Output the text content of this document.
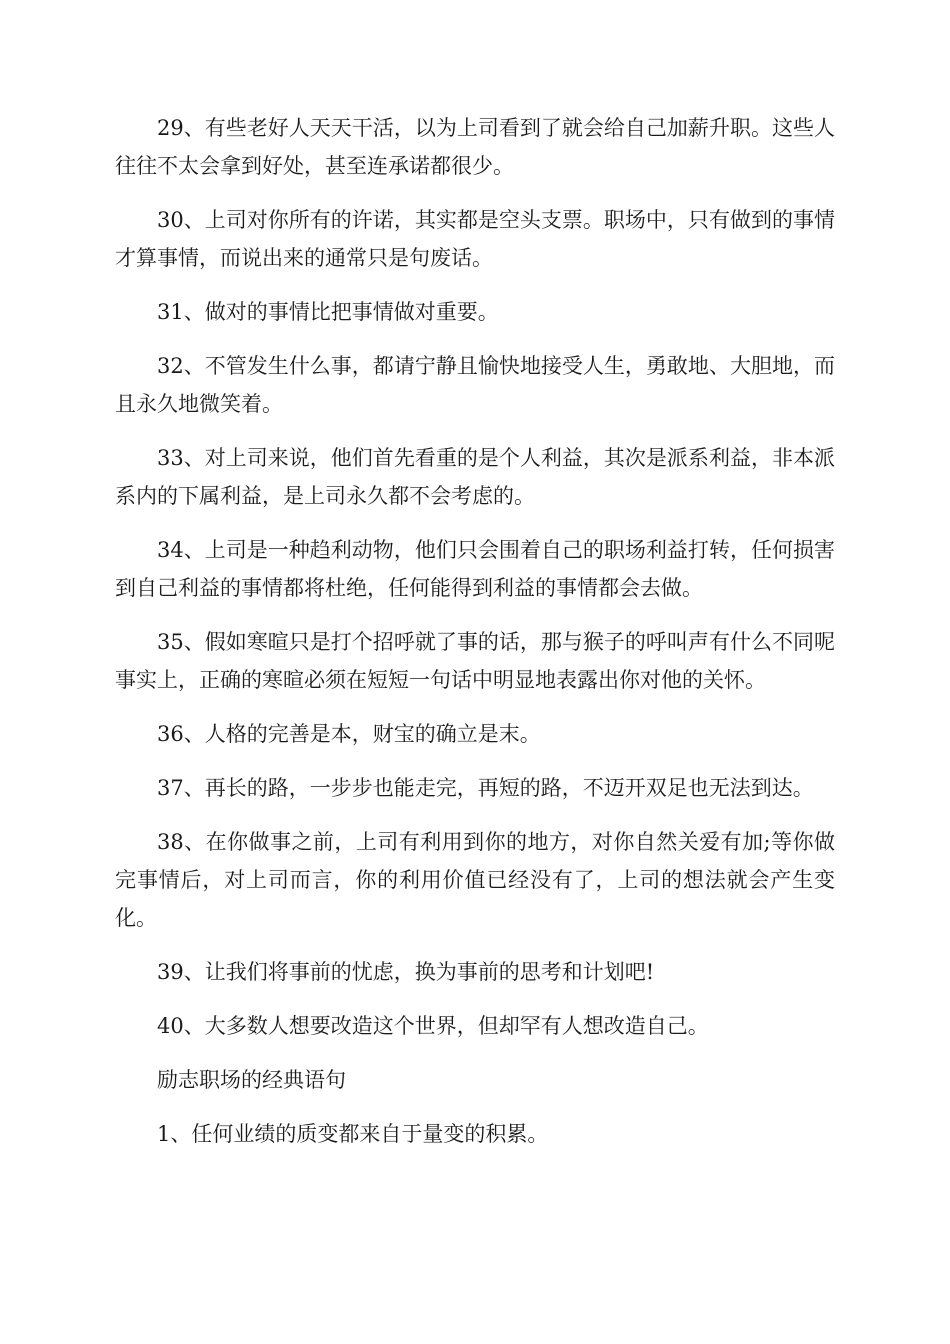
29、有些老好人天天干活，以为上司看到了就会给自己加薪升职。这些人往往不太会拿到好处，甚至连承诺都很少。

30、上司对你所有的许诺，其实都是空头支票。职场中，只有做到的事情才算事情，而说出来的通常只是句废话。

31、做对的事情比把事情做对重要。

32、不管发生什么事，都请宁静且愉快地接受人生，勇敢地、大胆地，而且永久地微笑着。

33、对上司来说，他们首先看重的是个人利益，其次是派系利益，非本派系内的下属利益，是上司永久都不会考虑的。

34、上司是一种趋利动物，他们只会围着自己的职场利益打转，任何损害到自己利益的事情都将杜绝，任何能得到利益的事情都会去做。

35、假如寒暄只是打个招呼就了事的话，那与猴子的呼叫声有什么不同呢事实上，正确的寒暄必须在短短一句话中明显地表露出你对他的关怀。

36、人格的完善是本，财宝的确立是末。

37、再长的路，一步步也能走完，再短的路，不迈开双足也无法到达。

38、在你做事之前，上司有利用到你的地方，对你自然关爱有加;等你做完事情后，对上司而言，你的利用价值已经没有了，上司的想法就会产生变化。

39、让我们将事前的忧虑，换为事前的思考和计划吧!

40、大多数人想要改造这个世界，但却罕有人想改造自己。

励志职场的经典语句

1、任何业绩的质变都来自于量变的积累。
